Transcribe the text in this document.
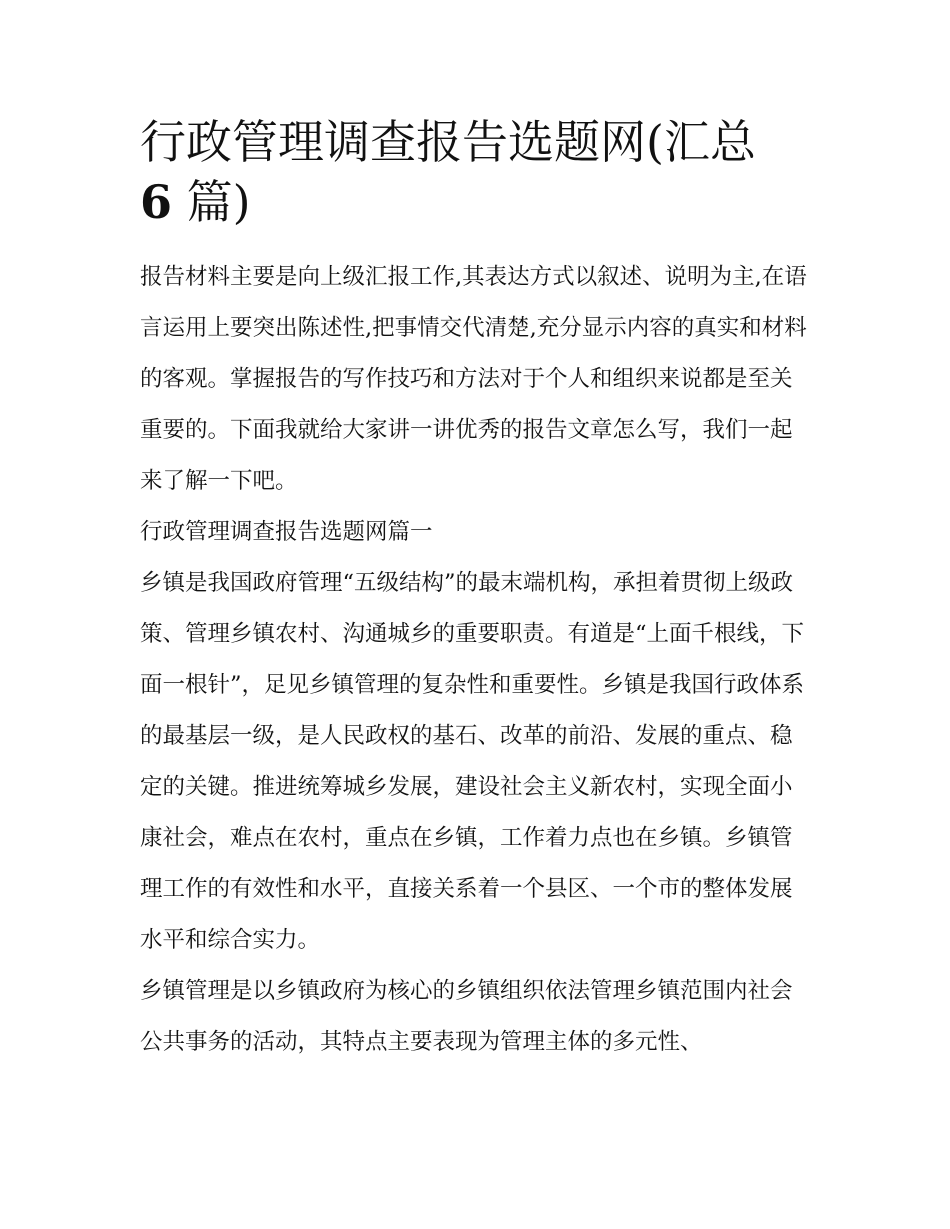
行政管理调查报告选题网(汇总
6 篇)

报告材料主要是向上级汇报工作,其表达方式以叙述、说明为主,在语言运用上要突出陈述性,把事情交代清楚,充分显示内容的真实和材料的客观。掌握报告的写作技巧和方法对于个人和组织来说都是至关重要的。下面我就给大家讲一讲优秀的报告文章怎么写，我们一起来了解一下吧。

行政管理调查报告选题网篇一

乡镇是我国政府管理“五级结构”的最末端机构，承担着贯彻上级政策、管理乡镇农村、沟通城乡的重要职责。有道是“上面千根线，下面一根针”，足见乡镇管理的复杂性和重要性。乡镇是我国行政体系的最基层一级，是人民政权的基石、改革的前沿、发展的重点、稳定的关键。推进统筹城乡发展，建设社会主义新农村，实现全面小康社会，难点在农村，重点在乡镇，工作着力点也在乡镇。乡镇管理工作的有效性和水平，直接关系着一个县区、一个市的整体发展水平和综合实力。

乡镇管理是以乡镇政府为核心的乡镇组织依法管理乡镇范围内社会公共事务的活动，其特点主要表现为管理主体的多元性、
